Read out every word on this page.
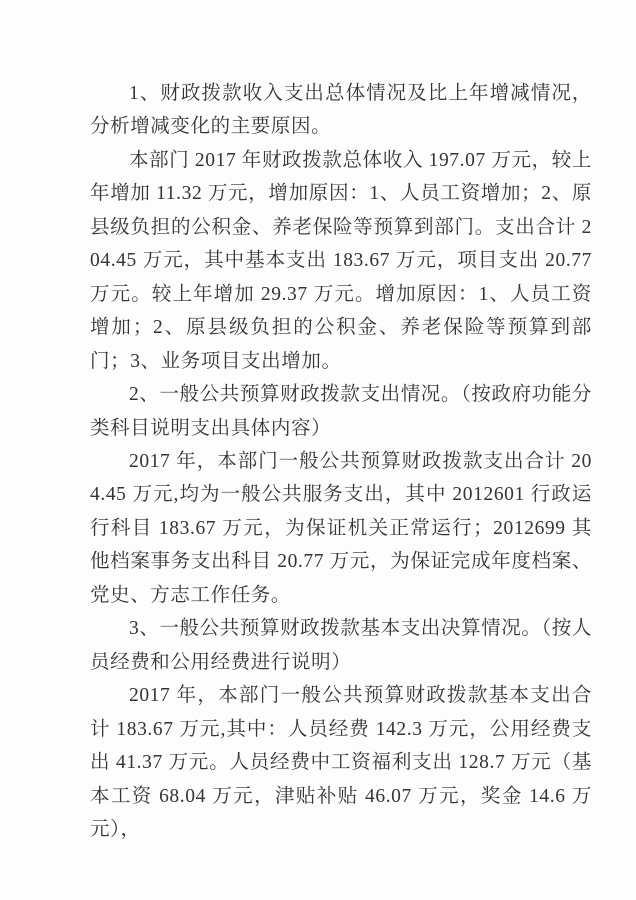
1、财政拨款收入支出总体情况及比上年增减情况，分析增减变化的主要原因。

本部门 2017 年财政拨款总体收入 197.07 万元，较上年增加 11.32 万元，增加原因：1、人员工资增加；2、原县级负担的公积金、养老保险等预算到部门。支出合计 204.45 万元，其中基本支出 183.67 万元，项目支出 20.77 万元。较上年增加 29.37 万元。增加原因：1、人员工资增加；2、原县级负担的公积金、养老保险等预算到部门；3、业务项目支出增加。

2、一般公共预算财政拨款支出情况。（按政府功能分类科目说明支出具体内容）

2017 年，本部门一般公共预算财政拨款支出合计 204.45 万元,均为一般公共服务支出，其中 2012601 行政运行科目 183.67 万元，为保证机关正常运行；2012699 其他档案事务支出科目 20.77 万元，为保证完成年度档案、党史、方志工作任务。

3、一般公共预算财政拨款基本支出决算情况。（按人员经费和公用经费进行说明）

2017 年，本部门一般公共预算财政拨款基本支出合计 183.67 万元,其中：人员经费 142.3 万元，公用经费支出 41.37 万元。人员经费中工资福利支出 128.7 万元（基本工资 68.04 万元，津贴补贴 46.07 万元，奖金 14.6 万元），
